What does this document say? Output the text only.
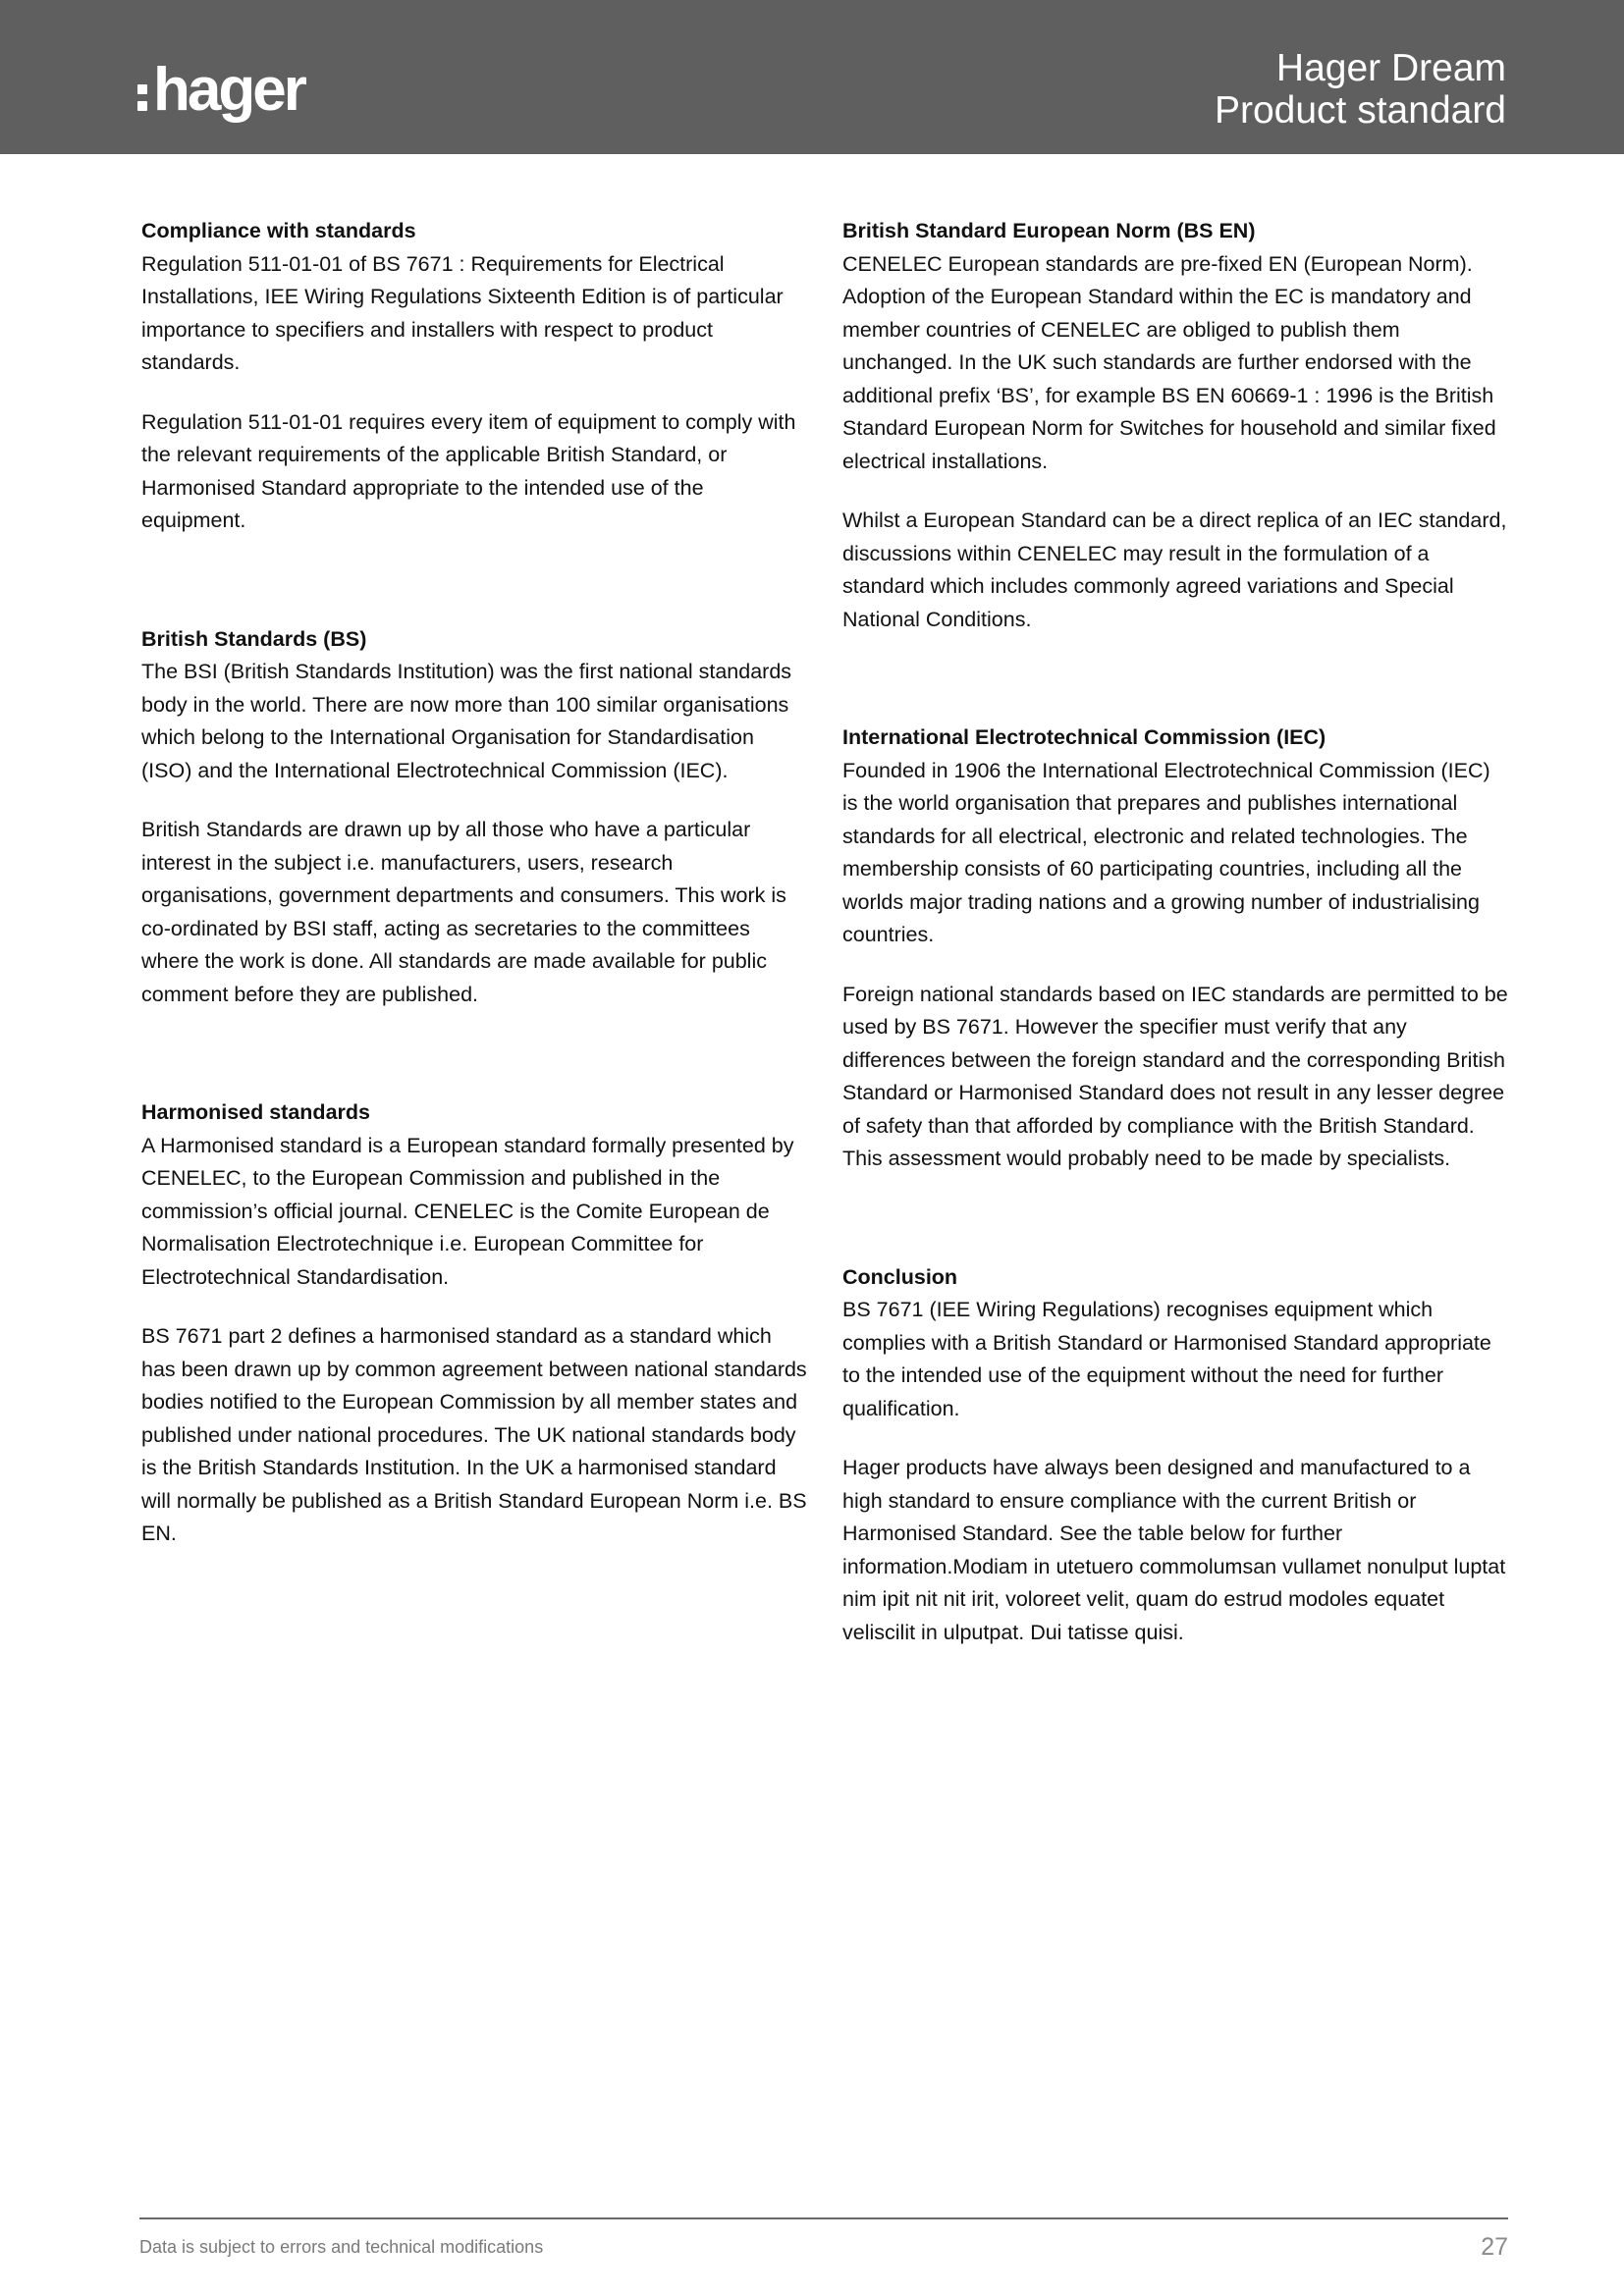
hager	Hager Dream
Product standard
Compliance with standards

Regulation 511-01-01 of BS 7671 : Requirements for Electrical Installations, IEE Wiring Regulations Sixteenth Edition is of particular importance to specifiers and installers with respect to product standards.

Regulation 511-01-01 requires every item of equipment to comply with the relevant requirements of the applicable British Standard, or Harmonised Standard appropriate to the intended use of the equipment.

British Standards (BS)

The BSI (British Standards Institution) was the first national standards body in the world. There are now more than 100 similar organisations which belong to the International Organisation for Standardisation (ISO) and the International Electrotechnical Commission (IEC).

British Standards are drawn up by all those who have a particular interest in the subject i.e. manufacturers, users, research organisations, government departments and consumers. This work is co-ordinated by BSI staff, acting as secretaries to the committees where the work is done. All standards are made available for public comment before they are published.

Harmonised standards

A Harmonised standard is a European standard formally presented by CENELEC, to the European Commission and published in the commission’s official journal. CENELEC is the Comite European de Normalisation Electrotechnique i.e. European Committee for Electrotechnical Standardisation.

BS 7671 part 2 defines a harmonised standard as a standard which has been drawn up by common agreement between national standards bodies notified to the European Commission by all member states and published under national procedures. The UK national standards body is the British Standards Institution. In the UK a harmonised standard will normally be published as a British Standard European Norm i.e. BS EN.

British Standard European Norm (BS EN)

CENELEC European standards are pre-fixed EN (European Norm). Adoption of the European Standard within the EC is mandatory and member countries of CENELEC are obliged to publish them unchanged. In the UK such standards are further endorsed with the additional prefix ‘BS’, for example BS EN 60669-1 : 1996 is the British Standard European Norm for Switches for household and similar fixed electrical installations.

Whilst a European Standard can be a direct replica of an IEC standard, discussions within CENELEC may result in the formulation of a standard which includes commonly agreed variations and Special National Conditions.

International Electrotechnical Commission (IEC)

Founded in 1906 the International Electrotechnical Commission (IEC) is the world organisation that prepares and publishes international standards for all electrical, electronic and related technologies. The membership consists of 60 participating countries, including all the worlds major trading nations and a growing number of industrialising countries.

Foreign national standards based on IEC standards are permitted to be used by BS 7671. However the specifier must verify that any differences between the foreign standard and the corresponding British Standard or Harmonised Standard does not result in any lesser degree of safety than that afforded by compliance with the British Standard. This assessment would probably need to be made by specialists.

Conclusion

BS 7671 (IEE Wiring Regulations) recognises equipment which complies with a British Standard or Harmonised Standard appropriate to the intended use of the equipment without the need for further qualification.

Hager products have always been designed and manufactured to a high standard to ensure compliance with the current British or Harmonised Standard. See the table below for further information.Modiam in utetuero commolumsan vullamet nonulput luptat nim ipit nit nit irit, voloreet velit, quam do estrud modoles equatet veliscilit in ulputpat. Dui tatisse quisi.

Data is subject to errors and technical modifications	27
